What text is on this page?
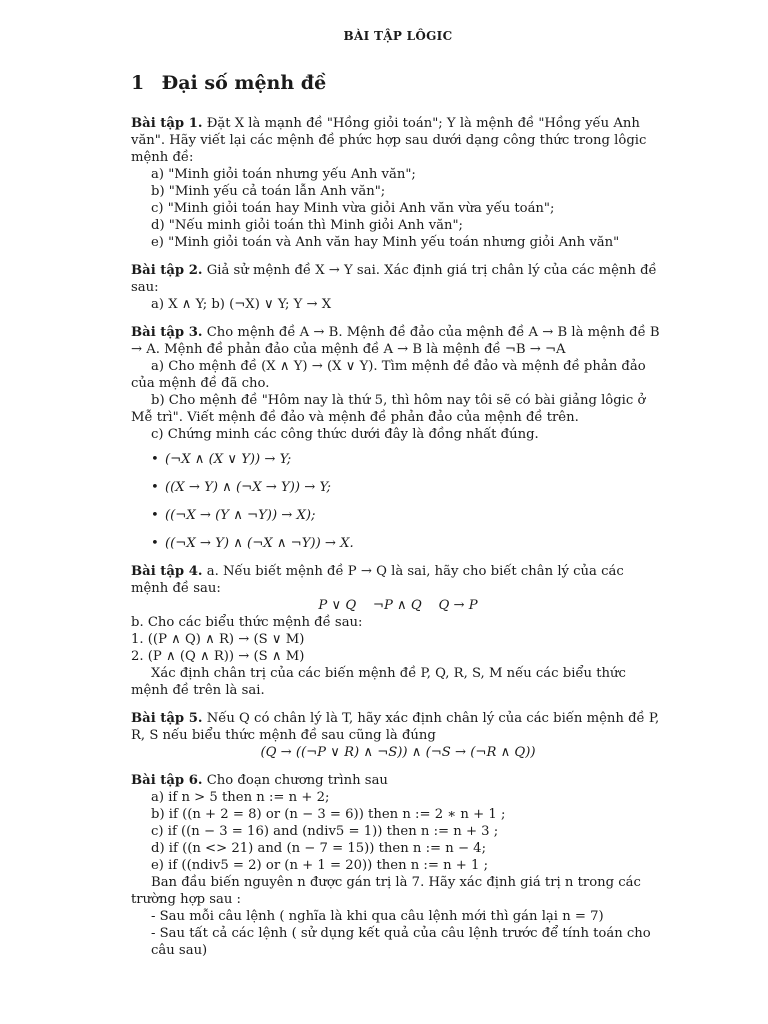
BÀI TẬP LÔGIC
1 Đại số mệnh đề

Bài tập 1. Đặt X là mạnh đề "Hồng giỏi toán"; Y là mệnh đề "Hồng yếu Anh văn". Hãy viết lại các mệnh đề phức hợp sau dưới dạng công thức trong lôgic mệnh đề:

a) "Minh giỏi toán nhưng yếu Anh văn";

b) "Minh yếu cả toán lẫn Anh văn";

c) "Minh giỏi toán hay Minh vừa giỏi Anh văn vừa yếu toán";

d) "Nếu minh giỏi toán thì Minh giỏi Anh văn";

e) "Minh giỏi toán và Anh văn hay Minh yếu toán nhưng giỏi Anh văn"

Bài tập 2. Giả sử mệnh đề X → Y sai. Xác định giá trị chân lý của các mệnh đề sau:

a) X ∧ Y; b) (¬X) ∨ Y; Y → X

Bài tập 3. Cho mệnh đề A → B. Mệnh đề đảo của mệnh đề A → B là mệnh đề B → A. Mệnh đề phản đảo của mệnh đề A → B là mệnh đề ¬B → ¬A

a) Cho mệnh đề (X ∧ Y) → (X ∨ Y). Tìm mệnh đề đảo và mệnh đề phản đảo của mệnh đề đã cho.

b) Cho mệnh đề "Hôm nay là thứ 5, thì hôm nay tôi sẽ có bài giảng lôgic ở Mễ trì". Viết mệnh đề đảo và mệnh đề phản đảo của mệnh đề trên.

c) Chứng minh các công thức dưới đây là đồng nhất đúng.

• (¬X ∧ (X ∨ Y)) → Y;
• ((X → Y) ∧ (¬X → Y)) → Y;
• ((¬X → (Y ∧ ¬Y)) → X);
• ((¬X → Y) ∧ (¬X ∧ ¬Y)) → X.

Bài tập 4. a. Nếu biết mệnh đề P → Q là sai, hãy cho biết chân lý của các mệnh đề sau:

P ∨ Q    ¬P ∧ Q    Q → P

b. Cho các biểu thức mệnh đề sau:

1. ((P ∧ Q) ∧ R) → (S ∨ M)

2. (P ∧ (Q ∧ R)) → (S ∧ M)

Xác định chân trị của các biến mệnh đề P, Q, R, S, M nếu các biểu thức mệnh đề trên là sai.

Bài tập 5. Nếu Q có chân lý là T, hãy xác định chân lý của các biến mệnh đề P, R, S nếu biểu thức mệnh đề sau cũng là đúng

(Q → ((¬P ∨ R) ∧ ¬S)) ∧ (¬S → (¬R ∧ Q))

Bài tập 6. Cho đoạn chương trình sau

a) if n > 5 then n := n + 2;

b) if ((n + 2 = 8) or (n − 3 = 6)) then n := 2 ∗ n + 1 ;

c) if ((n − 3 = 16) and (ndiv5 = 1)) then n := n + 3 ;

d) if ((n <> 21) and (n − 7 = 15)) then n := n − 4;

e) if ((ndiv5 = 2) or (n + 1 = 20)) then n := n + 1 ;

Ban đầu biến nguyên n được gán trị là 7. Hãy xác định giá trị n trong các trường hợp sau :

- Sau mỗi câu lệnh ( nghĩa là khi qua câu lệnh mới thì gán lại n = 7)

- Sau tất cả các lệnh ( sử dụng kết quả của câu lệnh trước để tính toán cho câu sau)
